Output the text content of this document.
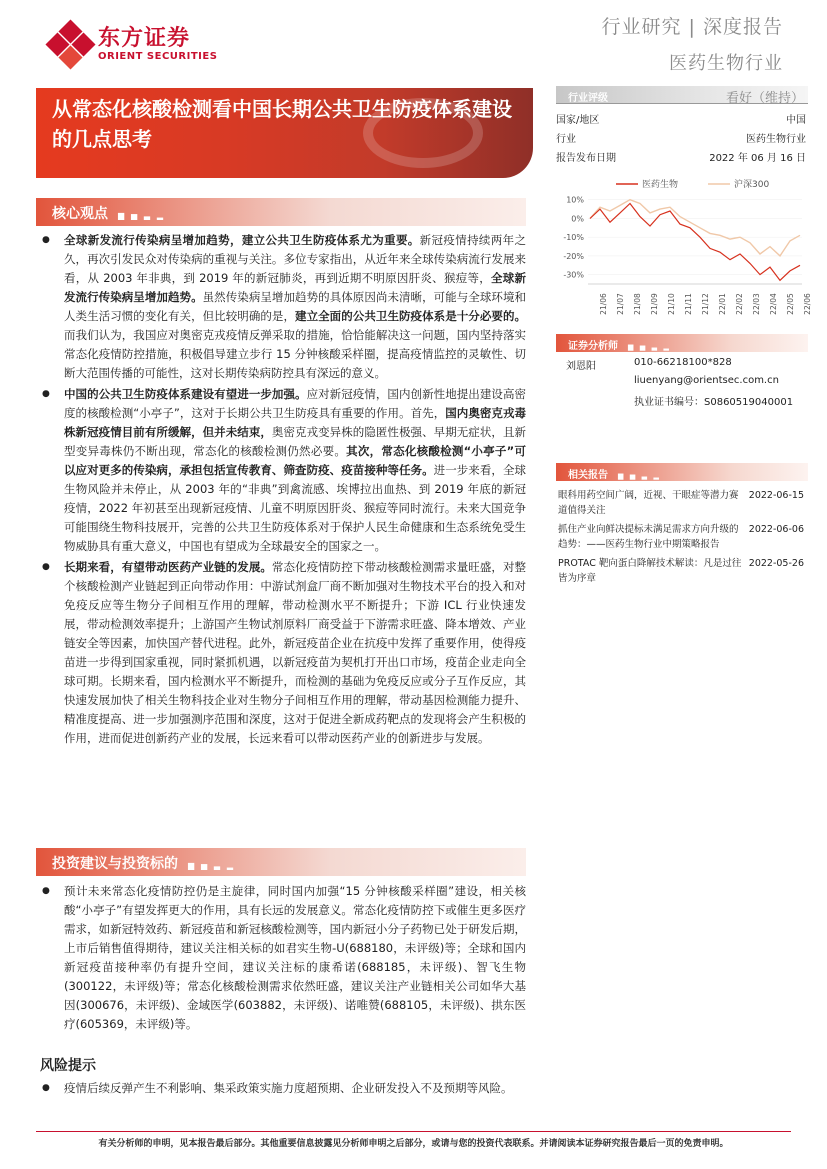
东方证券
ORIENT SECURITIES
行业研究 | 深度报告
医药生物行业
从常态化核酸检测看中国长期公共卫生防疫体系建设的几点思考
行业评级	看好（维持）
国家/地区	中国
行业	医药生物行业
报告发布日期	2022 年 06 月 16 日
医药生物	沪深300
10%
0%
-10%
-20%
-30%
21/06 21/07 21/08 21/09 21/10 21/11 21/12 22/01 22/02 22/03 22/04 22/05 22/06
证券分析师 ▆ ▅ ▃ ▂
刘恩阳	010-66218100*828
liuenyang@orientsec.com.cn
执业证书编号：S0860519040001
相关报告 ▆ ▅ ▃ ▂
眼科用药空间广阔，近视、干眼症等潜力赛道值得关注
2022-06-15
抓住产业向鲜决提标未满足需求方向升级的趋势：——医药生物行业中期策略报告
2022-06-06
PROTAC 靶向蛋白降解技术解读：凡是过往皆为序章
2022-05-26
核心观点 ▆ ▅ ▃ ▂
● 全球新发流行传染病呈增加趋势，建立公共卫生防疫体系尤为重要。新冠疫情持续两年之久，再次引发民众对传染病的重视与关注。多位专家指出，从近年来全球传染病流行发展来看，从 2003 年非典，到 2019 年的新冠肺炎，再到近期不明原因肝炎、猴痘等，全球新发流行传染病呈增加趋势。虽然传染病呈增加趋势的具体原因尚未清晰，可能与全球环境和人类生活习惯的变化有关，但比较明确的是，建立全面的公共卫生防疫体系是十分必要的。而我们认为，我国应对奥密克戎疫情反弹采取的措施，恰恰能解决这一问题，国内坚持落实常态化疫情防控措施，积极倡导建立步行 15 分钟核酸采样圈，提高疫情监控的灵敏性、切断大范围传播的可能性，这对长期传染病防控具有深远的意义。
● 中国的公共卫生防疫体系建设有望进一步加强。应对新冠疫情，国内创新性地提出建设高密度的核酸检测“小亭子”，这对于长期公共卫生防疫具有重要的作用。首先，国内奥密克戎毒株新冠疫情目前有所缓解，但并未结束，奥密克戎变异株的隐匿性极强、早期无症状，且新型变异毒株仍不断出现，常态化的核酸检测仍然必要。其次，常态化核酸检测“小亭子”可以应对更多的传染病，承担包括宣传教育、筛查防疫、疫苗接种等任务。进一步来看，全球生物风险并未停止，从 2003 年的“非典”到禽流感、埃博拉出血热、到 2019 年底的新冠疫情，2022 年初甚至出现新冠疫情、儿童不明原因肝炎、猴痘等同时流行。未来大国竞争可能围绕生物科技展开，完善的公共卫生防疫体系对于保护人民生命健康和生态系统免受生物威胁具有重大意义，中国也有望成为全球最安全的国家之一。
● 长期来看，有望带动医药产业链的发展。常态化疫情防控下带动核酸检测需求量旺盛，对整个核酸检测产业链起到正向带动作用：中游试剂盒厂商不断加强对生物技术平台的投入和对免疫反应等生物分子间相互作用的理解，带动检测水平不断提升；下游 ICL 行业快速发展，带动检测效率提升；上游国产生物试剂原料厂商受益于下游需求旺盛、降本增效、产业链安全等因素，加快国产替代进程。此外，新冠疫苗企业在抗疫中发挥了重要作用，使得疫苗进一步得到国家重视，同时紧抓机遇，以新冠疫苗为契机打开出口市场，疫苗企业走向全球可期。长期来看，国内检测水平不断提升，而检测的基础为免疫反应或分子互作反应，其快速发展加快了相关生物科技企业对生物分子间相互作用的理解，带动基因检测能力提升、精准度提高、进一步加强测序范围和深度，这对于促进全新成药靶点的发现将会产生积极的作用，进而促进创新药产业的发展，长远来看可以带动医药产业的创新进步与发展。
投资建议与投资标的 ▆ ▅ ▃ ▂
● 预计未来常态化疫情防控仍是主旋律，同时国内加强“15 分钟核酸采样圈”建设，相关核酸“小亭子”有望发挥更大的作用，具有长远的发展意义。常态化疫情防控下或催生更多医疗需求，如新冠特效药、新冠疫苗和新冠核酸检测等，国内新冠小分子药物已处于研发后期，上市后销售值得期待，建议关注相关标的如君实生物-U(688180，未评级)等；全球和国内新冠疫苗接种率仍有提升空间，建议关注标的康希诺(688185，未评级)、智飞生物(300122，未评级)等；常态化核酸检测需求依然旺盛，建议关注产业链相关公司如华大基因(300676，未评级)、金域医学(603882，未评级)、诺唯赞(688105，未评级)、拱东医疗(605369，未评级)等。
风险提示
● 疫情后续反弹产生不利影响、集采政策实施力度超预期、企业研发投入不及预期等风险。
有关分析师的申明，见本报告最后部分。其他重要信息披露见分析师申明之后部分，或请与您的投资代表联系。并请阅读本证券研究报告最后一页的免责申明。
